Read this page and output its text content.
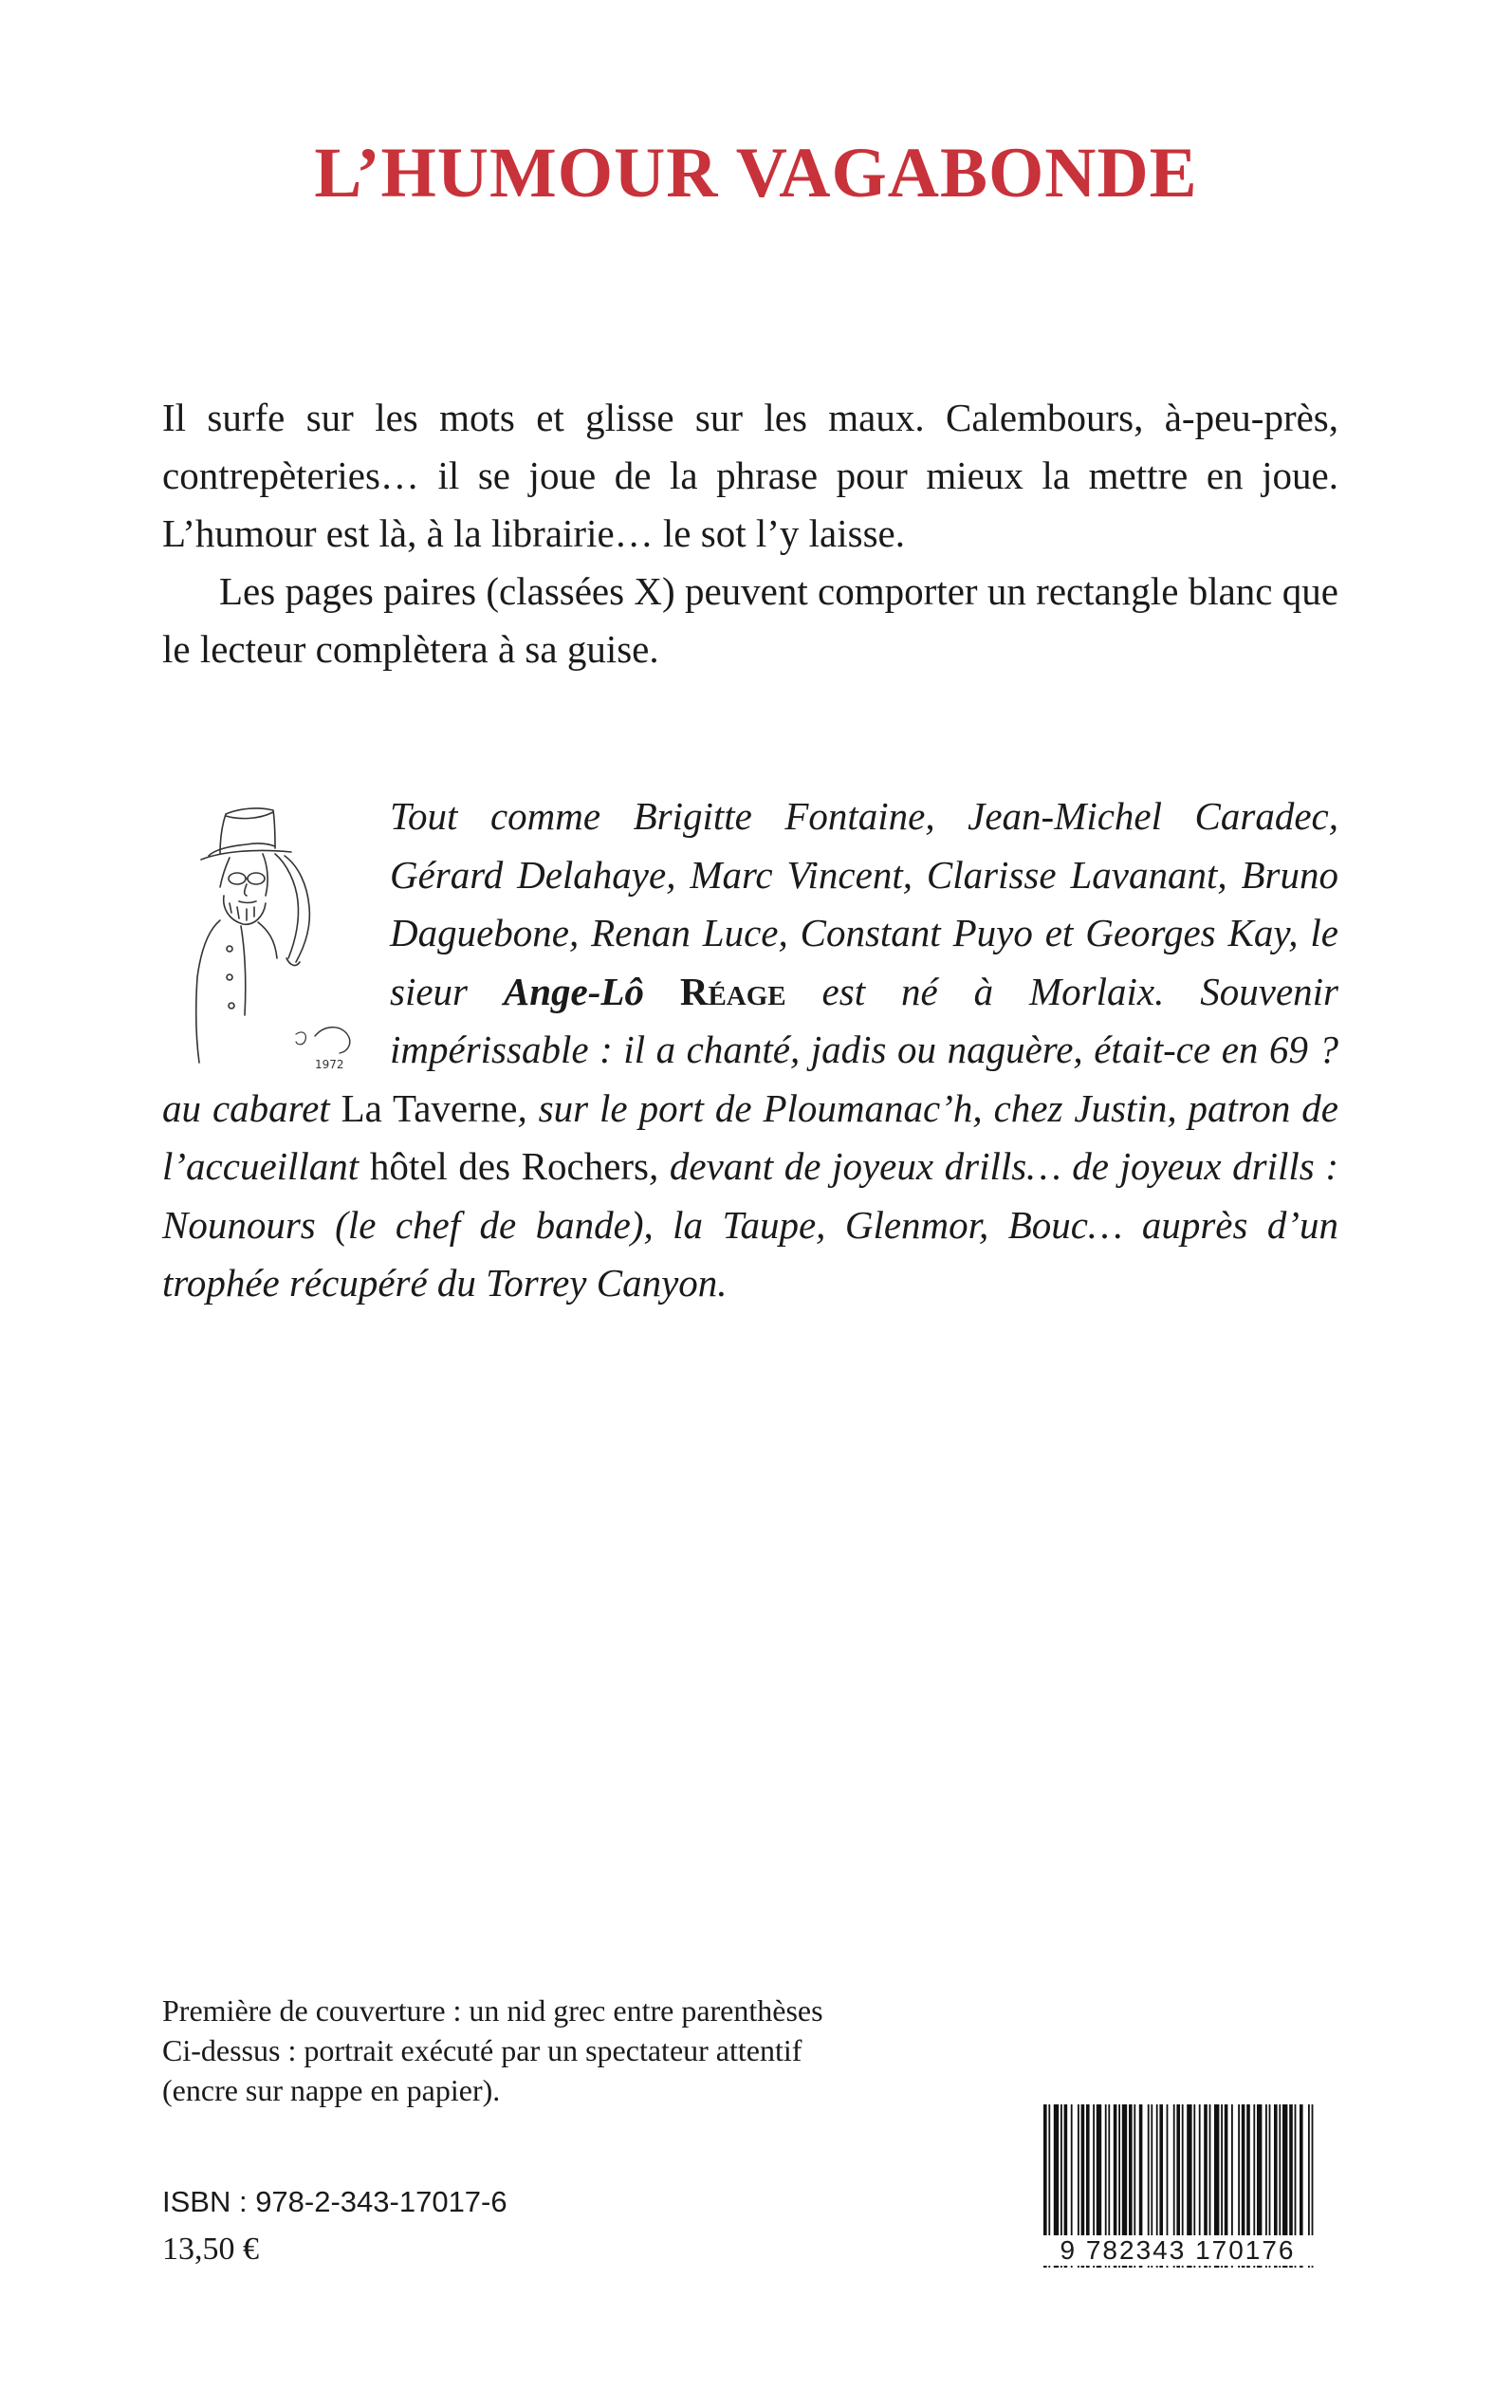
L’HUMOUR VAGABONDE

Il surfe sur les mots et glisse sur les maux. Calembours, à-peu-près, contrepèteries… il se joue de la phrase pour mieux la mettre en joue. L’humour est là, à la librairie… le sot l’y laisse.

Les pages paires (classées X) peuvent comporter un rectangle blanc que le lecteur complètera à sa guise.

Tout comme Brigitte Fontaine, Jean-Michel Caradec, Gérard Delahaye, Marc Vincent, Clarisse Lavanant, Bruno Daguebone, Renan Luce, Constant Puyo et Georges Kay, le sieur Ange-Lô Réage est né à Morlaix. Souvenir impérissable : il a chanté, jadis ou naguère, était-ce en 69 ? au cabaret La Taverne, sur le port de Ploumanac’h, chez Justin, patron de l’accueillant hôtel des Rochers, devant de joyeux drills… de joyeux drills : Nounours (le chef de bande), la Taupe, Glenmor, Bouc… auprès d’un trophée récupéré du Torrey Canyon.
1972
Première de couverture : un nid grec entre parenthèses
Ci-dessus : portrait exécuté par un spectateur attentif
(encre sur nappe en papier).
ISBN : 978-2-343-17017-6
13,50 €	9 782343 170176
